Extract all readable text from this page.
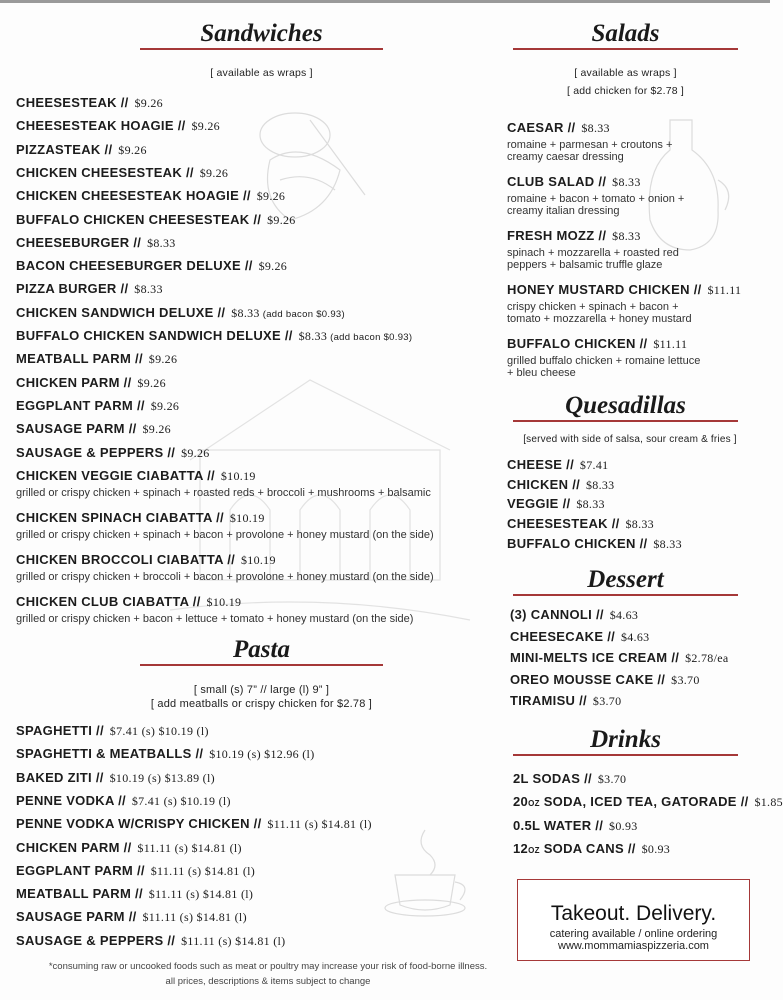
Sandwiches
[ available as wraps ]
CHEESESTEAK // $9.26
CHEESESTEAK HOAGIE // $9.26
PIZZASTEAK // $9.26
CHICKEN CHEESESTEAK // $9.26
CHICKEN CHEESESTEAK HOAGIE // $9.26
BUFFALO CHICKEN CHEESESTEAK // $9.26
CHEESEBURGER // $8.33
BACON CHEESEBURGER DELUXE // $9.26
PIZZA BURGER // $8.33
CHICKEN SANDWICH DELUXE // $8.33 (add bacon $0.93)
BUFFALO CHICKEN SANDWICH DELUXE // $8.33 (add bacon $0.93)
MEATBALL PARM // $9.26
CHICKEN PARM // $9.26
EGGPLANT PARM // $9.26
SAUSAGE PARM // $9.26
SAUSAGE & PEPPERS // $9.26
CHICKEN VEGGIE CIABATTA // $10.19
grilled or crispy chicken + spinach + roasted reds + broccoli + mushrooms + balsamic
CHICKEN SPINACH CIABATTA // $10.19
grilled or crispy chicken + spinach + bacon + provolone + honey mustard (on the side)
CHICKEN BROCCOLI CIABATTA // $10.19
grilled or crispy chicken + broccoli + bacon + provolone + honey mustard (on the side)
CHICKEN CLUB CIABATTA // $10.19
grilled or crispy chicken + bacon + lettuce + tomato + honey mustard (on the side)
Pasta
[ small (s) 7” // large (l) 9” ]
[ add meatballs or crispy chicken for $2.78 ]
SPAGHETTI // $7.41 (s) $10.19 (l)
SPAGHETTI & MEATBALLS // $10.19 (s) $12.96 (l)
BAKED ZITI // $10.19 (s) $13.89 (l)
PENNE VODKA // $7.41 (s) $10.19 (l)
PENNE VODKA W/CRISPY CHICKEN // $11.11 (s) $14.81 (l)
CHICKEN PARM // $11.11 (s) $14.81 (l)
EGGPLANT PARM // $11.11 (s) $14.81 (l)
MEATBALL PARM // $11.11 (s) $14.81 (l)
SAUSAGE PARM // $11.11 (s) $14.81 (l)
SAUSAGE & PEPPERS // $11.11 (s) $14.81 (l)
Salads
[ available as wraps ]
[ add chicken for $2.78 ]
CAESAR // $8.33
romaine + parmesan + croutons +
creamy caesar dressing
CLUB SALAD // $8.33
romaine + bacon + tomato + onion +
creamy italian dressing
FRESH MOZZ // $8.33
spinach + mozzarella + roasted red
peppers + balsamic truffle glaze
HONEY MUSTARD CHICKEN // $11.11
crispy chicken + spinach + bacon +
tomato + mozzarella + honey mustard
BUFFALO CHICKEN // $11.11
grilled buffalo chicken + romaine lettuce
+ bleu cheese
Quesadillas
[served with side of salsa, sour cream & fries ]
CHEESE // $7.41
CHICKEN // $8.33
VEGGIE // $8.33
CHEESESTEAK // $8.33
BUFFALO CHICKEN // $8.33
Dessert
(3) CANNOLI // $4.63
CHEESECAKE // $4.63
MINI-MELTS ICE CREAM // $2.78/ea
OREO MOUSSE CAKE // $3.70
TIRAMISU // $3.70
Drinks
2L SODAS // $3.70
20OZ SODA, ICED TEA, GATORADE // $1.85
0.5L WATER // $0.93
12OZ SODA CANS // $0.93
Takeout. Delivery.
catering available / online ordering
www.mommamiaspizzeria.com
*consuming raw or uncooked foods such as meat or poultry may increase your risk of food-borne illness.
all prices, descriptions & items subject to change
